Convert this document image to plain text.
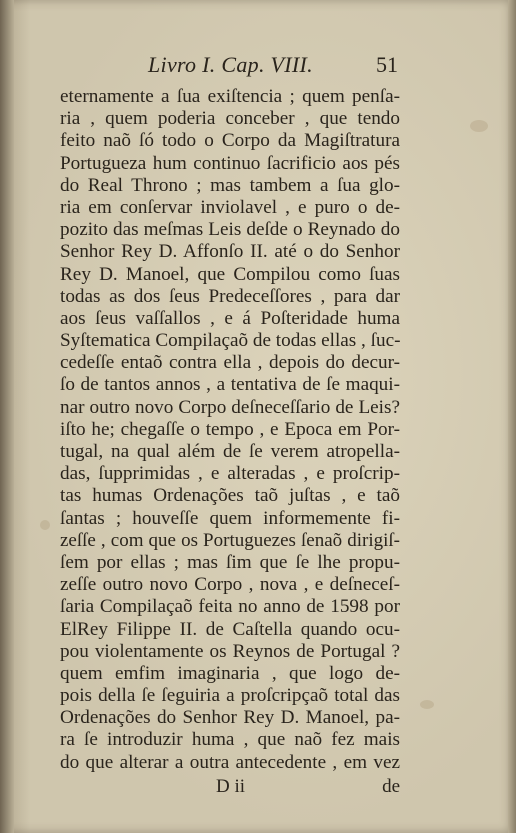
Livro I. Cap. VIII.	51
eternamente a ſua exiſtencia ; quem penſa-
ria , quem poderia conceber , que tendo
feito naõ ſó todo o Corpo da Magiſtratura
Portugueza hum continuo ſacrificio aos pés
do Real Throno ; mas tambem a ſua glo-
ria em conſervar inviolavel , e puro o de-
pozito das meſmas Leis deſde o Reynado do
Senhor Rey D. Affonſo II. até o do Senhor
Rey D. Manoel, que Compilou como ſuas
todas as dos ſeus Predeceſſores , para dar
aos ſeus vaſſallos , e á Poſteridade huma
Syſtematica Compilaçaõ de todas ellas , ſuc-
cedeſſe entaõ contra ella , depois do decur-
ſo de tantos annos , a tentativa de ſe maqui-
nar outro novo Corpo deſneceſſario de Leis?
iſto he; chegaſſe o tempo , e Epoca em Por-
tugal, na qual além de ſe verem atropella-
das, ſupprimidas , e alteradas , e proſcrip-
tas humas Ordenações taõ juſtas , e taõ
ſantas ; houveſſe quem informemente fi-
zeſſe , com que os Portuguezes ſenaõ dirigiſ-
ſem por ellas ; mas ſim que ſe lhe propu-
zeſſe outro novo Corpo , nova , e deſneceſ-
ſaria Compilaçaõ feita no anno de 1598 por
ElRey Filippe II. de Caſtella quando ocu-
pou violentamente os Reynos de Portugal ?
quem emfim imaginaria , que logo de-
pois della ſe ſeguiria a proſcripçaõ total das
Ordenações do Senhor Rey D. Manoel, pa-
ra ſe introduzir huma , que naõ fez mais
do que alterar a outra antecedente , em vez
D ii	de
